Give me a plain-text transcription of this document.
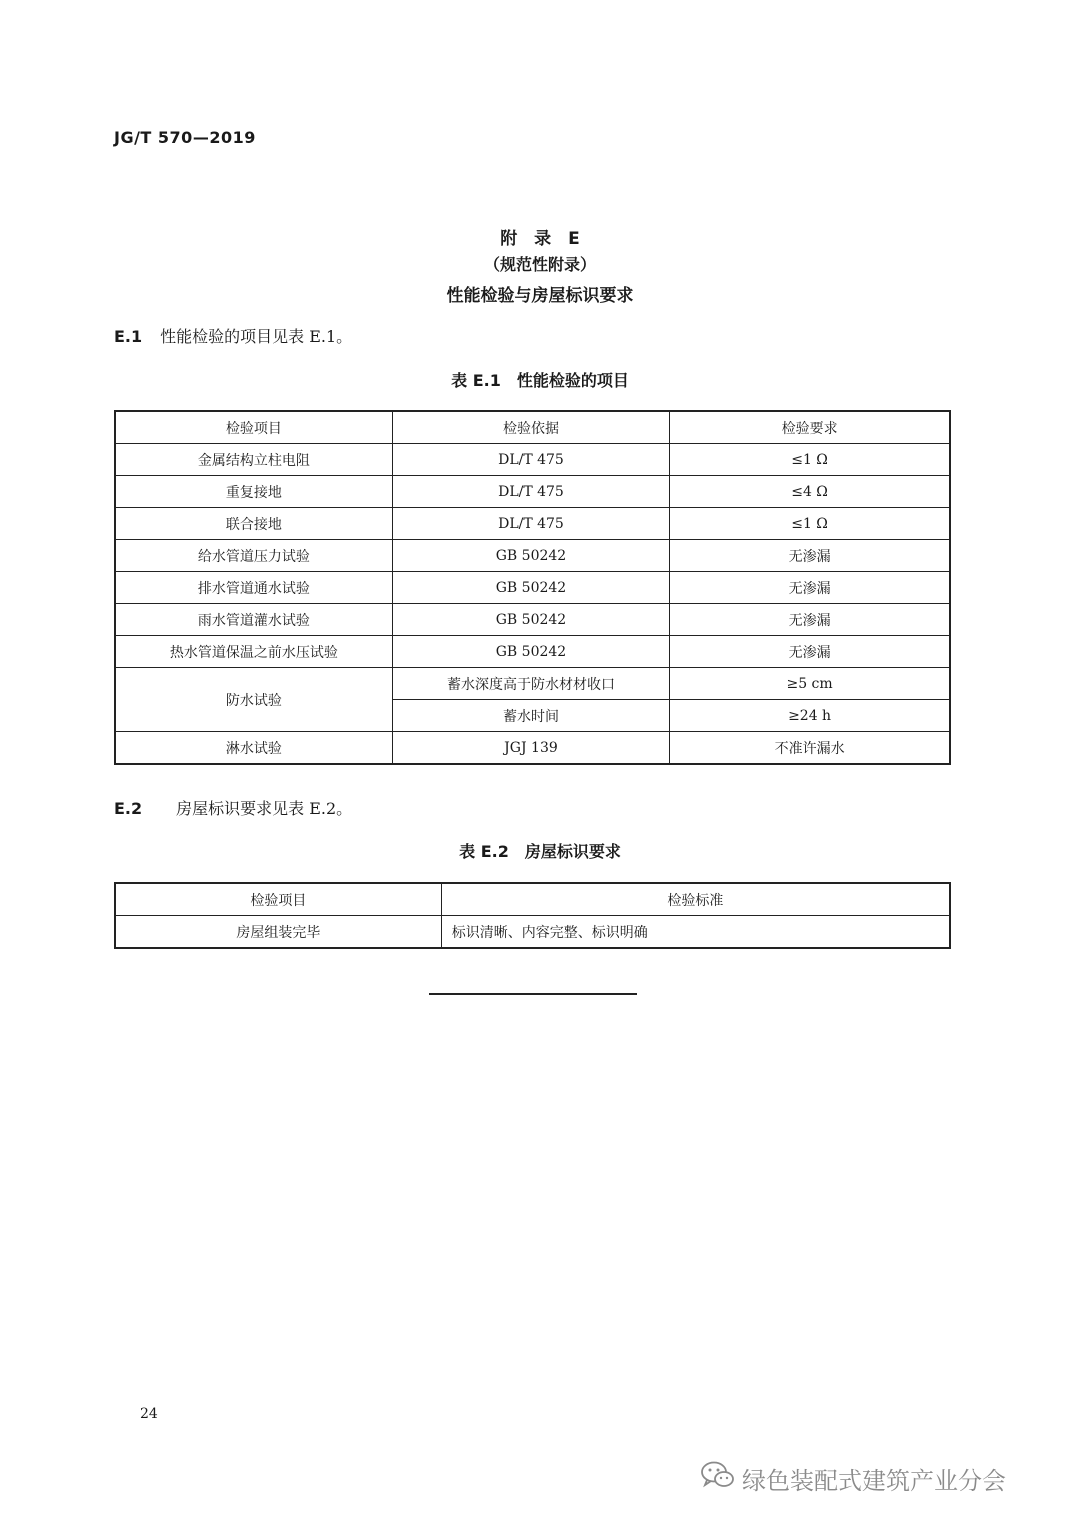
JG/T 570—2019
附　录　E
（规范性附录）
性能检验与房屋标识要求
E.1 性能检验的项目见表 E.1。
表 E.1　性能检验的项目
检验项目	检验依据	检验要求
金属结构立柱电阻	DL/T 475	≤1 Ω
重复接地	DL/T 475	≤4 Ω
联合接地	DL/T 475	≤1 Ω
给水管道压力试验	GB 50242	无渗漏
排水管道通水试验	GB 50242	无渗漏
雨水管道灌水试验	GB 50242	无渗漏
热水管道保温之前水压试验	GB 50242	无渗漏
防水试验	蓄水深度高于防水材材收口	≥5 cm
	蓄水时间	≥24 h
淋水试验	JGJ 139	不准许漏水
E.2 房屋标识要求见表 E.2。
表 E.2　房屋标识要求
检验项目	检验标准
房屋组装完毕	标识清晰、内容完整、标识明确
24
绿色装配式建筑产业分会
